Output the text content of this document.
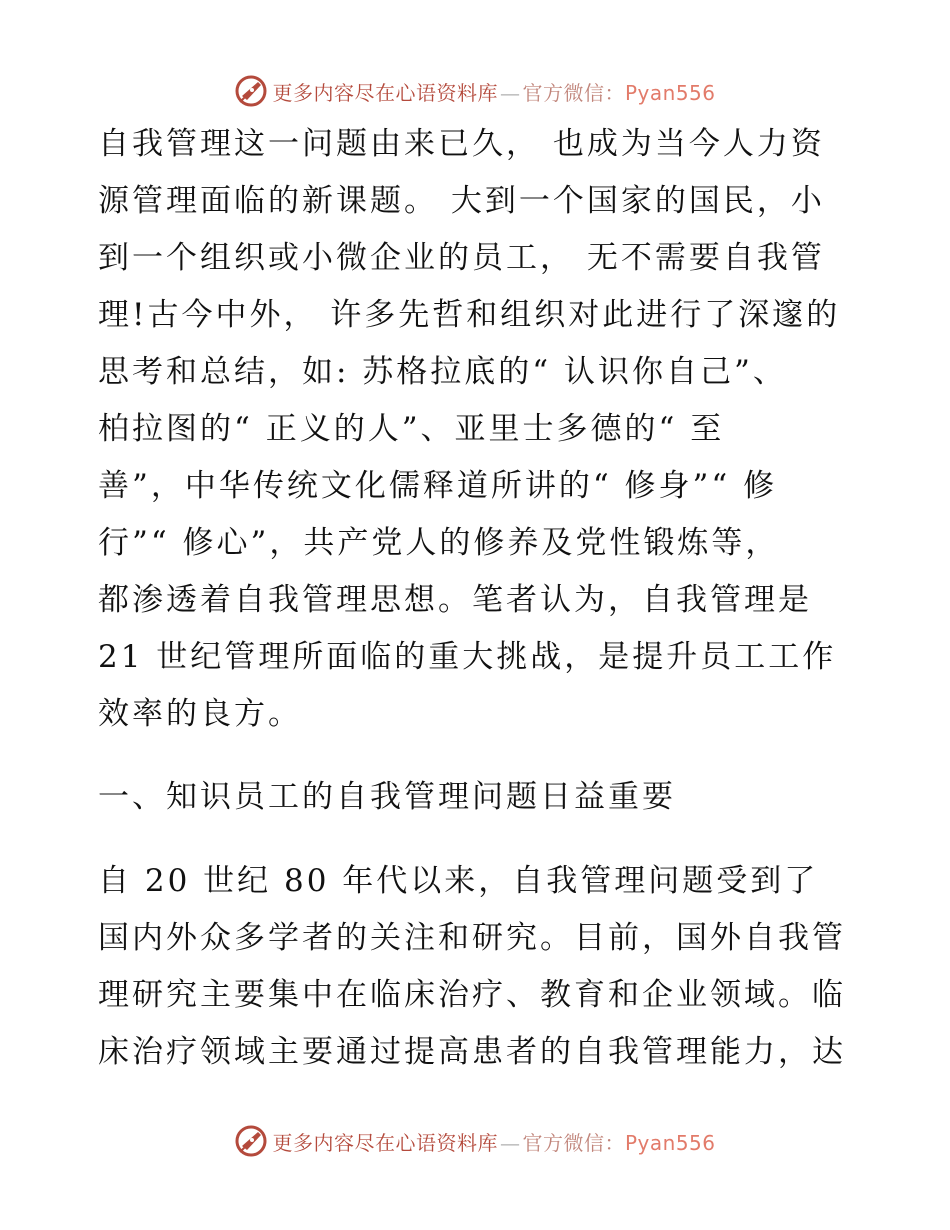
更多内容尽在心语资料库 — 官方微信：Pyan556

自我管理这一问题由来已久， 也成为当今人力资
源管理面临的新课题。 大到一个国家的国民，小
到一个组织或小微企业的员工， 无不需要自我管
理!古今中外， 许多先哲和组织对此进行了深邃的
思考和总结，如: 苏格拉底的“ 认识你自己”、
柏拉图的“ 正义的人”、亚里士多德的“ 至
善”，中华传统文化儒释道所讲的“ 修身”“ 修
行”“ 修心”，共产党人的修养及党性锻炼等，
都渗透着自我管理思想。笔者认为，自我管理是
21 世纪管理所面临的重大挑战，是提升员工工作
效率的良方。

一、知识员工的自我管理问题日益重要

自 20 世纪 80 年代以来，自我管理问题受到了
国内外众多学者的关注和研究。目前，国外自我管
理研究主要集中在临床治疗、教育和企业领域。临
床治疗领域主要通过提高患者的自我管理能力，达

更多内容尽在心语资料库 — 官方微信：Pyan556
